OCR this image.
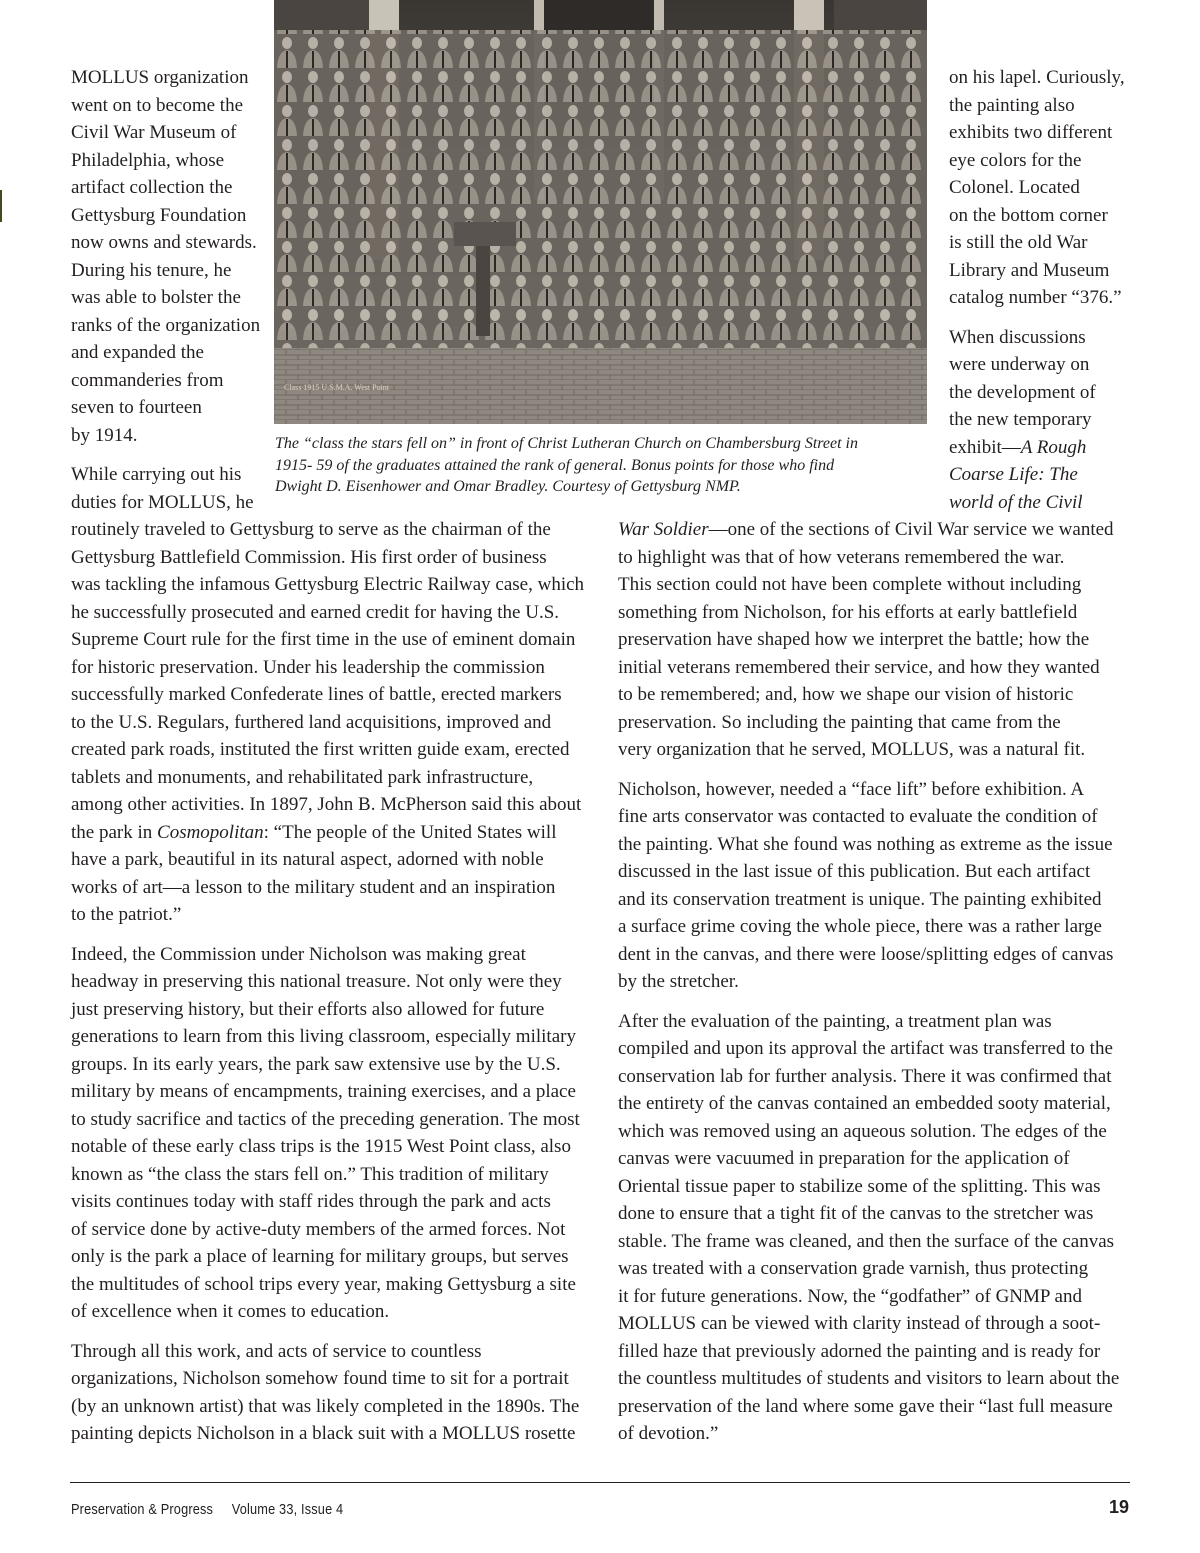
Class 1915 U.S.M.A. West Point
The “class the stars fell on” in front of Christ Lutheran Church on Chambersburg Street in
1915- 59 of the graduates attained the rank of general. Bonus points for those who find
Dwight D. Eisenhower and Omar Bradley. Courtesy of Gettysburg NMP.

MOLLUS organization
went on to become the
Civil War Museum of
Philadelphia, whose
artifact collection the
Gettysburg Foundation
now owns and stewards.
During his tenure, he
was able to bolster the
ranks of the organization
and expanded the
commanderies from
seven to fourteen
by 1914.

While carrying out his
duties for MOLLUS, he

on his lapel. Curiously,
the painting also
exhibits two different
eye colors for the
Colonel. Located
on the bottom corner
is still the old War
Library and Museum
catalog number “376.”

When discussions
were underway on
the development of
the new temporary
exhibit—A Rough
Coarse Life: The
world of the Civil

routinely traveled to Gettysburg to serve as the chairman of the
Gettysburg Battlefield Commission. His first order of business
was tackling the infamous Gettysburg Electric Railway case, which
he successfully prosecuted and earned credit for having the U.S.
Supreme Court rule for the first time in the use of eminent domain
for historic preservation. Under his leadership the commission
successfully marked Confederate lines of battle, erected markers
to the U.S. Regulars, furthered land acquisitions, improved and
created park roads, instituted the first written guide exam, erected
tablets and monuments, and rehabilitated park infrastructure,
among other activities. In 1897, John B. McPherson said this about
the park in Cosmopolitan: “The people of the United States will
have a park, beautiful in its natural aspect, adorned with noble
works of art—a lesson to the military student and an inspiration
to the patriot.”

Indeed, the Commission under Nicholson was making great
headway in preserving this national treasure. Not only were they
just preserving history, but their efforts also allowed for future
generations to learn from this living classroom, especially military
groups. In its early years, the park saw extensive use by the U.S.
military by means of encampments, training exercises, and a place
to study sacrifice and tactics of the preceding generation. The most
notable of these early class trips is the 1915 West Point class, also
known as “the class the stars fell on.” This tradition of military
visits continues today with staff rides through the park and acts
of service done by active-duty members of the armed forces. Not
only is the park a place of learning for military groups, but serves
the multitudes of school trips every year, making Gettysburg a site
of excellence when it comes to education.

Through all this work, and acts of service to countless
organizations, Nicholson somehow found time to sit for a portrait
(by an unknown artist) that was likely completed in the 1890s. The
painting depicts Nicholson in a black suit with a MOLLUS rosette

War Soldier—one of the sections of Civil War service we wanted
to highlight was that of how veterans remembered the war.
This section could not have been complete without including
something from Nicholson, for his efforts at early battlefield
preservation have shaped how we interpret the battle; how the
initial veterans remembered their service, and how they wanted
to be remembered; and, how we shape our vision of historic
preservation. So including the painting that came from the
very organization that he served, MOLLUS, was a natural fit.

Nicholson, however, needed a “face lift” before exhibition. A
fine arts conservator was contacted to evaluate the condition of
the painting. What she found was nothing as extreme as the issue
discussed in the last issue of this publication. But each artifact
and its conservation treatment is unique. The painting exhibited
a surface grime coving the whole piece, there was a rather large
dent in the canvas, and there were loose/splitting edges of canvas
by the stretcher.

After the evaluation of the painting, a treatment plan was
compiled and upon its approval the artifact was transferred to the
conservation lab for further analysis. There it was confirmed that
the entirety of the canvas contained an embedded sooty material,
which was removed using an aqueous solution. The edges of the
canvas were vacuumed in preparation for the application of
Oriental tissue paper to stabilize some of the splitting. This was
done to ensure that a tight fit of the canvas to the stretcher was
stable. The frame was cleaned, and then the surface of the canvas
was treated with a conservation grade varnish, thus protecting
it for future generations. Now, the “godfather” of GNMP and
MOLLUS can be viewed with clarity instead of through a soot-
filled haze that previously adorned the painting and is ready for
the countless multitudes of students and visitors to learn about the
preservation of the land where some gave their “last full measure
of devotion.”

Preservation & Progress Volume 33, Issue 4	19
